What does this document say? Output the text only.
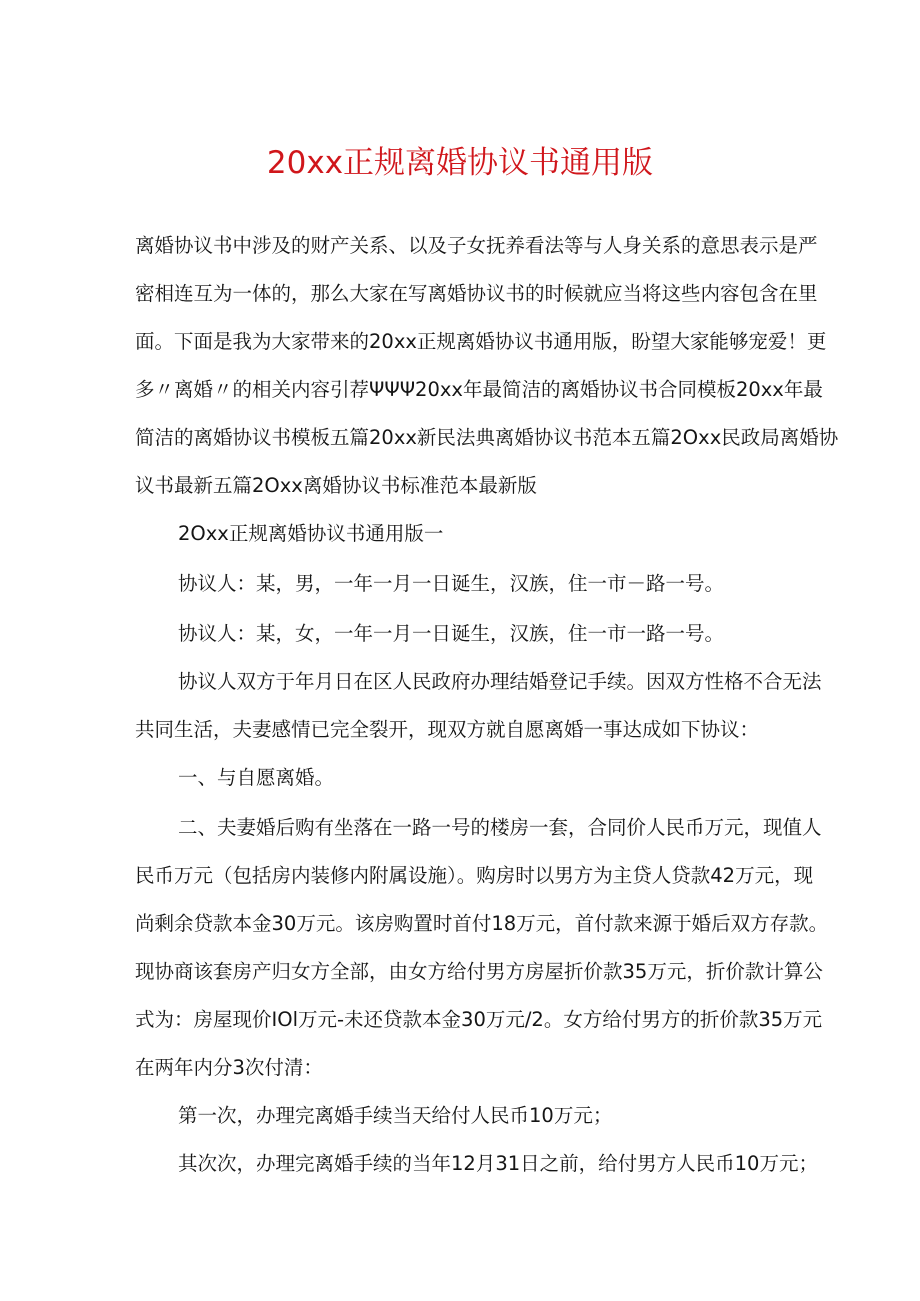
20xx正规离婚协议书通用版
离婚协议书中涉及的财产关系、以及子女抚养看法等与人身关系的意思表示是严
密相连互为一体的，那么大家在写离婚协议书的时候就应当将这些内容包含在里
面。下面是我为大家带来的20xx正规离婚协议书通用版，盼望大家能够宠爱！更
多〃离婚〃的相关内容引荐ΨΨΨ20xx年最简洁的离婚协议书合同模板20xx年最
简洁的离婚协议书模板五篇20xx新民法典离婚协议书范本五篇2Oxx民政局离婚协
议书最新五篇2Oxx离婚协议书标准范本最新版
2Oxx正规离婚协议书通用版一
协议人：某，男，一年一月一日诞生，汉族，住一市－路一号。
协议人：某，女，一年一月一日诞生，汉族，住一市一路一号。
协议人双方于年月日在区人民政府办理结婚登记手续。因双方性格不合无法
共同生活，夫妻感情已完全裂开，现双方就自愿离婚一事达成如下协议：
一、与自愿离婚。
二、夫妻婚后购有坐落在一路一号的楼房一套，合同价人民币万元，现值人
民币万元（包括房内装修内附属设施）。购房时以男方为主贷人贷款42万元，现
尚剩余贷款本金30万元。该房购置时首付18万元，首付款来源于婚后双方存款。
现协商该套房产归女方全部，由女方给付男方房屋折价款35万元，折价款计算公
式为：房屋现价IOl万元-未还贷款本金30万元/2。女方给付男方的折价款35万元
在两年内分3次付清：
第一次，办理完离婚手续当天给付人民币10万元；
其次次，办理完离婚手续的当年12月31日之前，给付男方人民币10万元；
